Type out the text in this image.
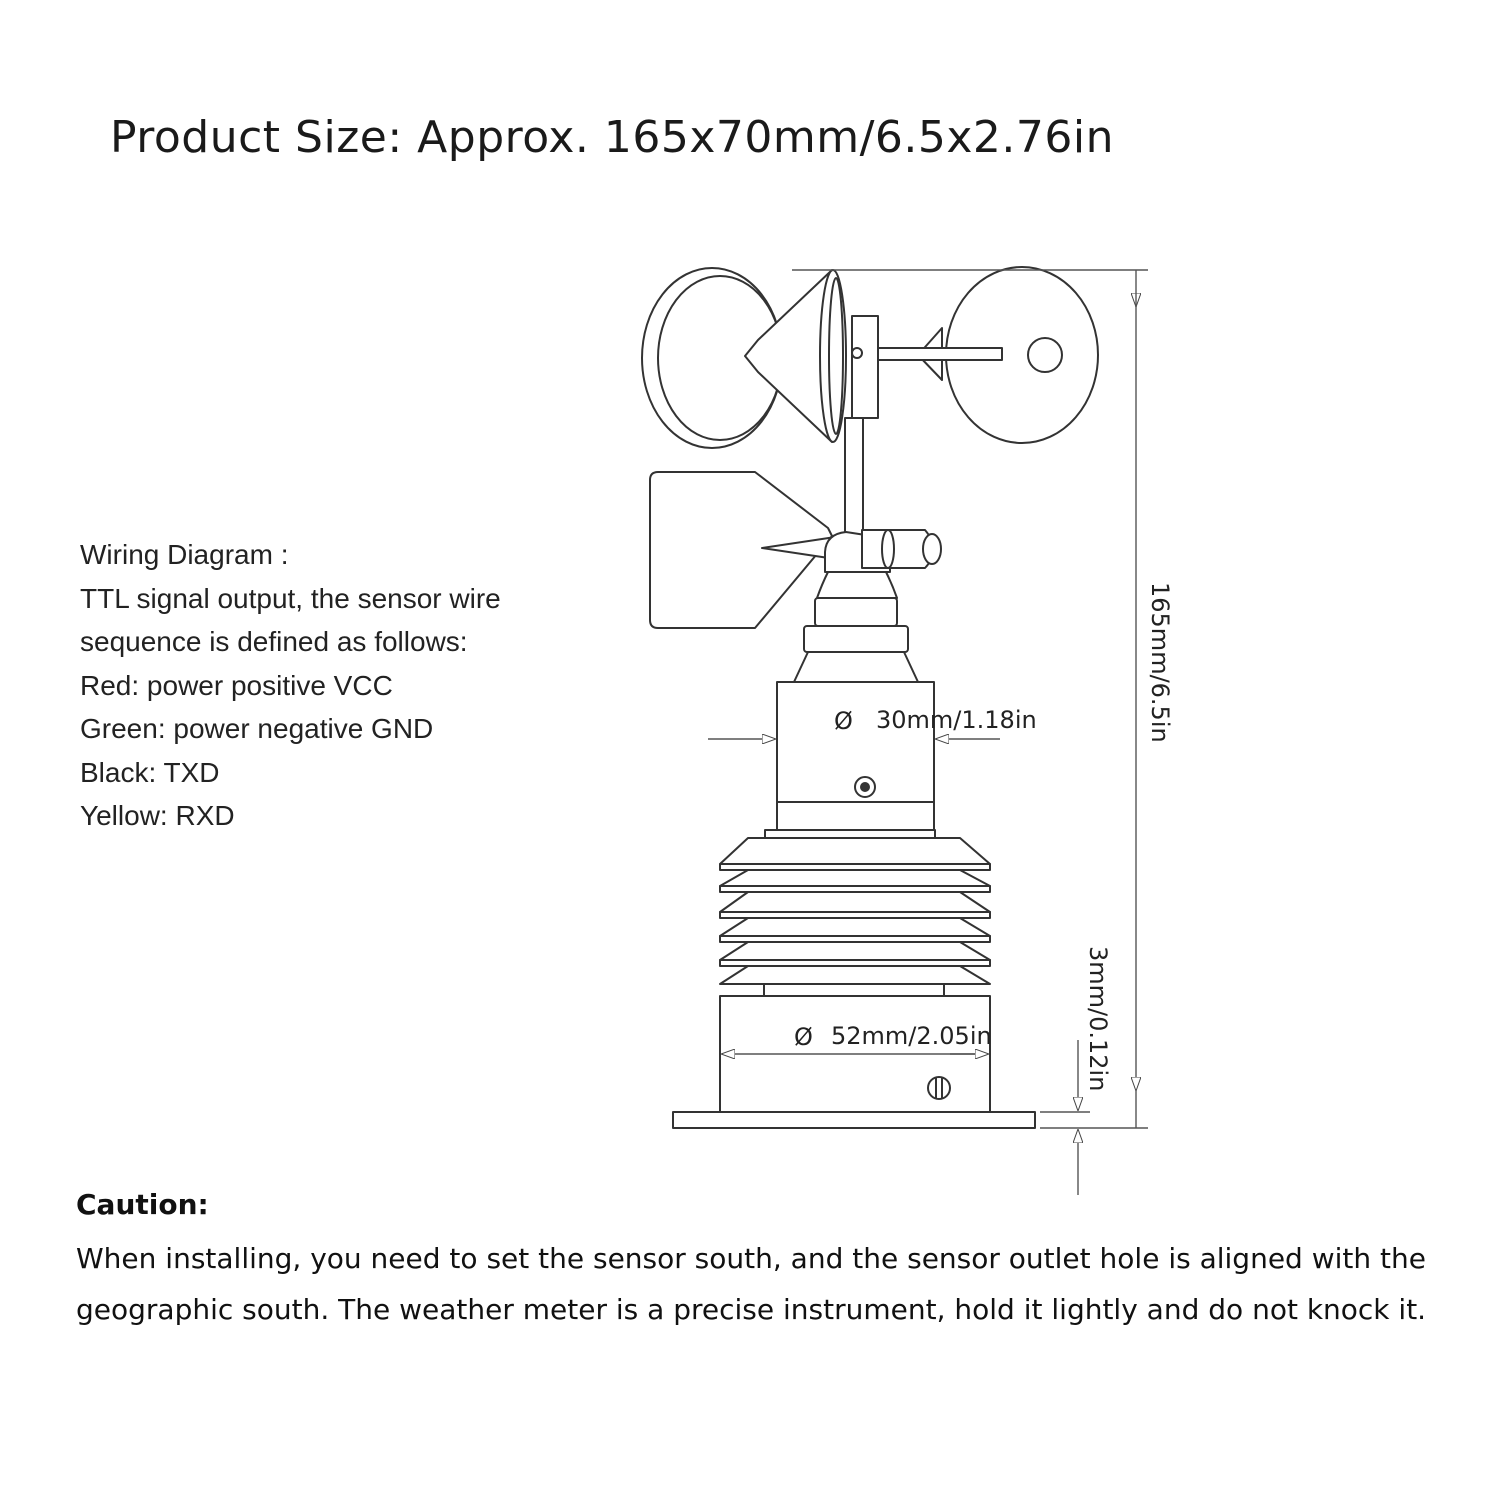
Product Size: Approx. 165x70mm/6.5x2.76in
Wiring Diagram :
TTL signal output, the sensor wire
sequence is defined as follows:
Red: power positive VCC
Green: power negative GND
Black: TXD
Yellow: RXD
Ø 30mm/1.18in
Ø 52mm/2.05in
165mm/6.5in
3mm/0.12in
Caution:
When installing, you need to set the sensor south, and the sensor outlet hole is aligned with the geographic south. The weather meter is a precise instrument, hold it lightly and do not knock it.
